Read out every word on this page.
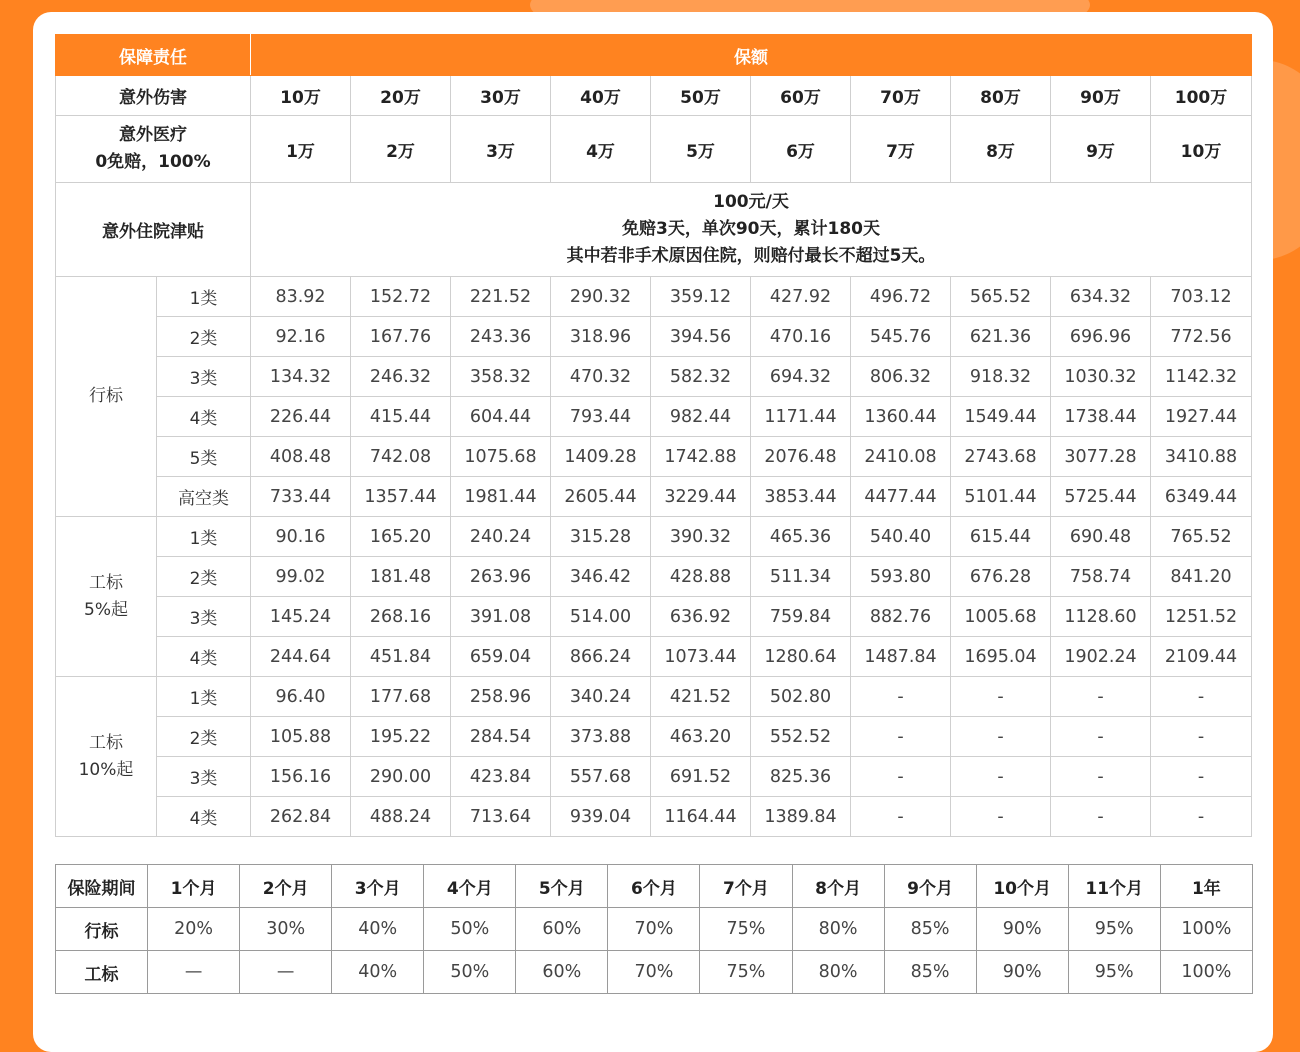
保障责任		保额									
意外伤害		10万	20万	30万	40万	50万	60万	70万	80万	90万	100万

意外医疗
0免赔，100%		1万	2万	3万	4万	5万	6万	7万	8万	9万	10万
意外住院津贴		100元/天
免赔3天，单次90天，累计180天
其中若非手术原因住院，则赔付最长不超过5天。									

行标	1类	83.92	152.72	221.52	290.32	359.12	427.92	496.72	565.52	634.32	703.12
	2类	92.16	167.76	243.36	318.96	394.56	470.16	545.76	621.36	696.96	772.56
	3类	134.32	246.32	358.32	470.32	582.32	694.32	806.32	918.32	1030.32	1142.32
	4类	226.44	415.44	604.44	793.44	982.44	1171.44	1360.44	1549.44	1738.44	1927.44
	5类	408.48	742.08	1075.68	1409.28	1742.88	2076.48	2410.08	2743.68	3077.28	3410.88
	高空类	733.44	1357.44	1981.44	2605.44	3229.44	3853.44	4477.44	5101.44	5725.44	6349.44

工标
5%起	1类	90.16	165.20	240.24	315.28	390.32	465.36	540.40	615.44	690.48	765.52
	2类	99.02	181.48	263.96	346.42	428.88	511.34	593.80	676.28	758.74	841.20
	3类	145.24	268.16	391.08	514.00	636.92	759.84	882.76	1005.68	1128.60	1251.52
	4类	244.64	451.84	659.04	866.24	1073.44	1280.64	1487.84	1695.04	1902.24	2109.44

工标
10%起	1类	96.40	177.68	258.96	340.24	421.52	502.80	-	-	-	-
	2类	105.88	195.22	284.54	373.88	463.20	552.52	-	-	-	-
	3类	156.16	290.00	423.84	557.68	691.52	825.36	-	-	-	-
	4类	262.84	488.24	713.64	939.04	1164.44	1389.84	-	-	-	-
保险期间	1个月	2个月	3个月	4个月	5个月	6个月	7个月	8个月	9个月	10个月	11个月	1年
行标	20%	30%	40%	50%	60%	70%	75%	80%	85%	90%	95%	100%
工标	—	—	40%	50%	60%	70%	75%	80%	85%	90%	95%	100%
